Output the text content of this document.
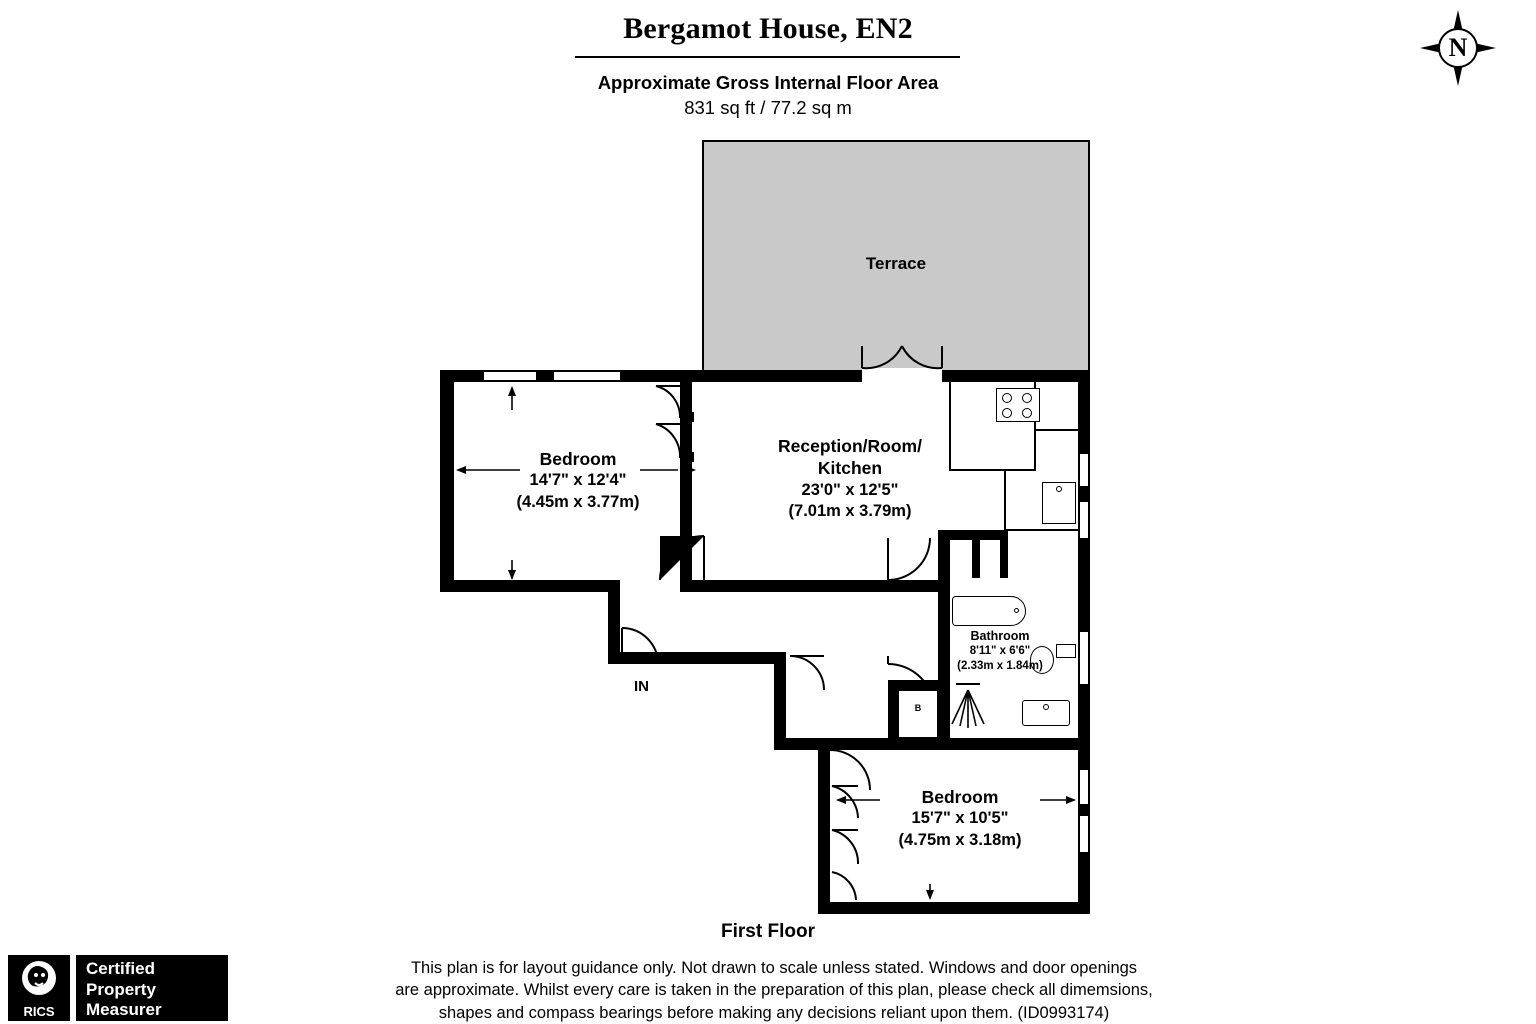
Bergamot House, EN2
Approximate Gross Internal Floor Area
831 sq ft / 77.2 sq m
N
Terrace
B
Bedroom
14'7" x 12'4"
(4.45m x 3.77m)
Reception/Room/
Kitchen
23'0" x 12'5"
(7.01m x 3.79m)
Bathroom
8'11" x 6'6"
(2.33m x 1.84m)
Bedroom
15'7" x 10'5"
(4.75m x 3.18m)
IN
First Floor
This plan is for layout guidance only. Not drawn to scale unless stated. Windows and door openings
are approximate. Whilst every care is taken in the preparation of this plan, please check all dimemsions,
shapes and compass bearings before making any decisions reliant upon them. (ID0993174)
RICS
Certified
Property
Measurer
